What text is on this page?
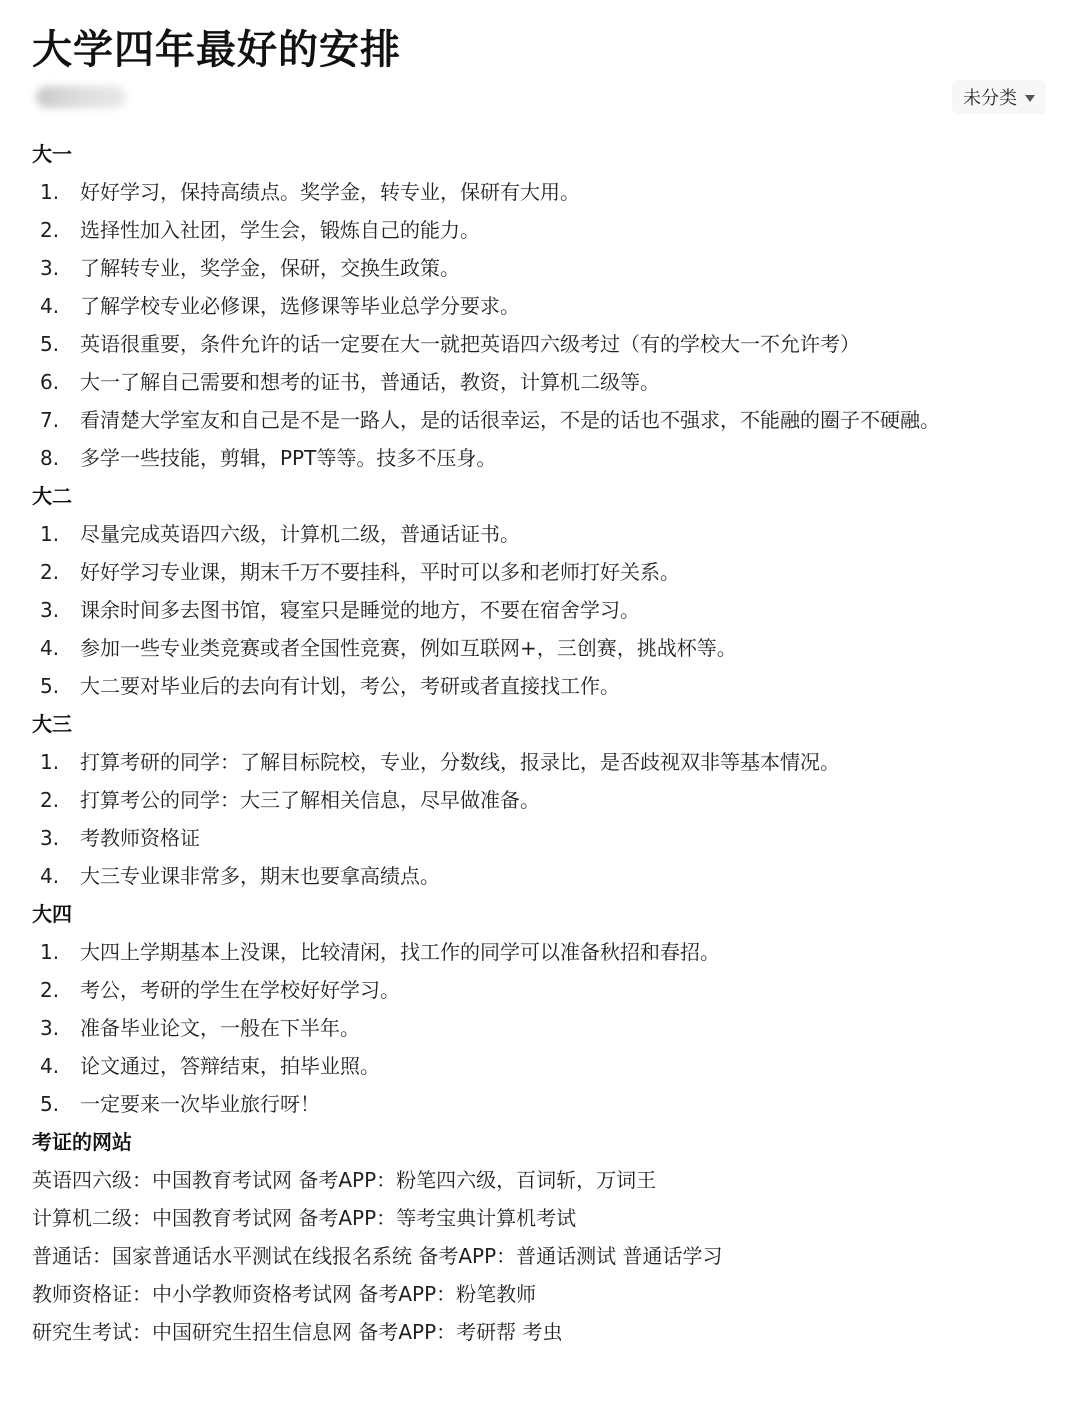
大学四年最好的安排
未分类
大一
1. 好好学习，保持高绩点。奖学金，转专业，保研有大用。
2. 选择性加入社团，学生会，锻炼自己的能力。
3. 了解转专业，奖学金，保研，交换生政策。
4. 了解学校专业必修课，选修课等毕业总学分要求。
5. 英语很重要，条件允许的话一定要在大一就把英语四六级考过（有的学校大一不允许考）
6. 大一了解自己需要和想考的证书，普通话，教资，计算机二级等。
7. 看清楚大学室友和自己是不是一路人，是的话很幸运，不是的话也不强求，不能融的圈子不硬融。
8. 多学一些技能，剪辑，PPT等等。技多不压身。
大二
1. 尽量完成英语四六级，计算机二级，普通话证书。
2. 好好学习专业课，期末千万不要挂科，平时可以多和老师打好关系。
3. 课余时间多去图书馆，寝室只是睡觉的地方，不要在宿舍学习。
4. 参加一些专业类竞赛或者全国性竞赛，例如互联网+，三创赛，挑战杯等。
5. 大二要对毕业后的去向有计划，考公，考研或者直接找工作。
大三
1. 打算考研的同学：了解目标院校，专业，分数线，报录比，是否歧视双非等基本情况。
2. 打算考公的同学：大三了解相关信息，尽早做准备。
3. 考教师资格证
4. 大三专业课非常多，期末也要拿高绩点。
大四
1. 大四上学期基本上没课，比较清闲，找工作的同学可以准备秋招和春招。
2. 考公，考研的学生在学校好好学习。
3. 准备毕业论文，一般在下半年。
4. 论文通过，答辩结束，拍毕业照。
5. 一定要来一次毕业旅行呀！
考证的网站
英语四六级：中国教育考试网 备考APP：粉笔四六级，百词斩，万词王
计算机二级：中国教育考试网 备考APP：等考宝典计算机考试
普通话：国家普通话水平测试在线报名系统 备考APP：普通话测试 普通话学习
教师资格证：中小学教师资格考试网 备考APP：粉笔教师
研究生考试：中国研究生招生信息网 备考APP：考研帮 考虫
